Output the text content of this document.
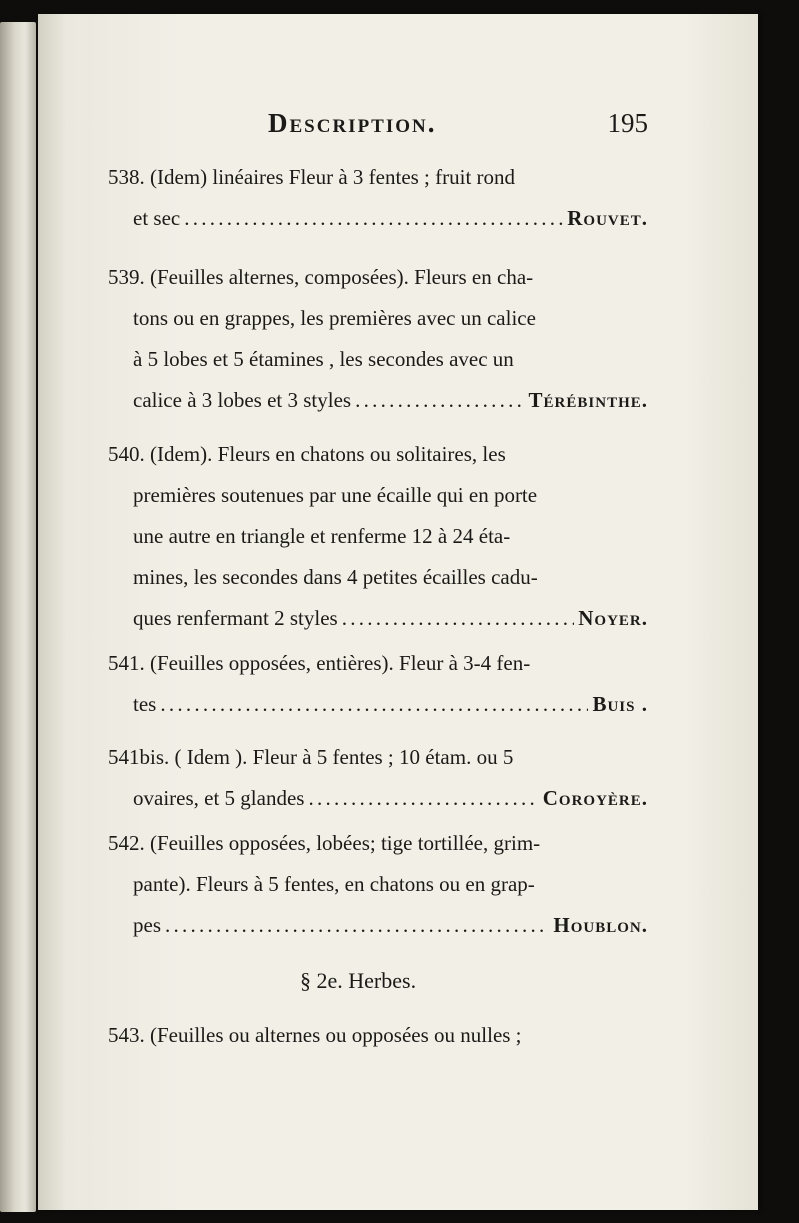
Description.	195
538. (Idem) linéaires Fleur à 3 fentes ; fruit rond
et sec . . .	Rouvet.
539. (Feuilles alternes, composées). Fleurs en cha-
tons ou en grappes, les premières avec un calice
à 5 lobes et 5 étamines , les secondes avec un
calice à 3 lobes et 3 styles . . .	Térébinthe.
540. (Idem). Fleurs en chatons ou solitaires, les
premières soutenues par une écaille qui en porte
une autre en triangle et renferme 12 à 24 éta-
mines, les secondes dans 4 petites écailles cadu-
ques renfermant 2 styles . . .	Noyer.
541. (Feuilles opposées, entières). Fleur à 3-4 fen-
tes . . .	Buis .
541bis. ( Idem ). Fleur à 5 fentes ; 10 étam. ou 5
ovaires, et 5 glandes . . .	Coroyère.
542. (Feuilles opposées, lobées; tige tortillée, grim-
pante). Fleurs à 5 fentes, en chatons ou en grap-
pes . . .	Houblon.
§ 2e. Herbes.
543. (Feuilles ou alternes ou opposées ou nulles ;
